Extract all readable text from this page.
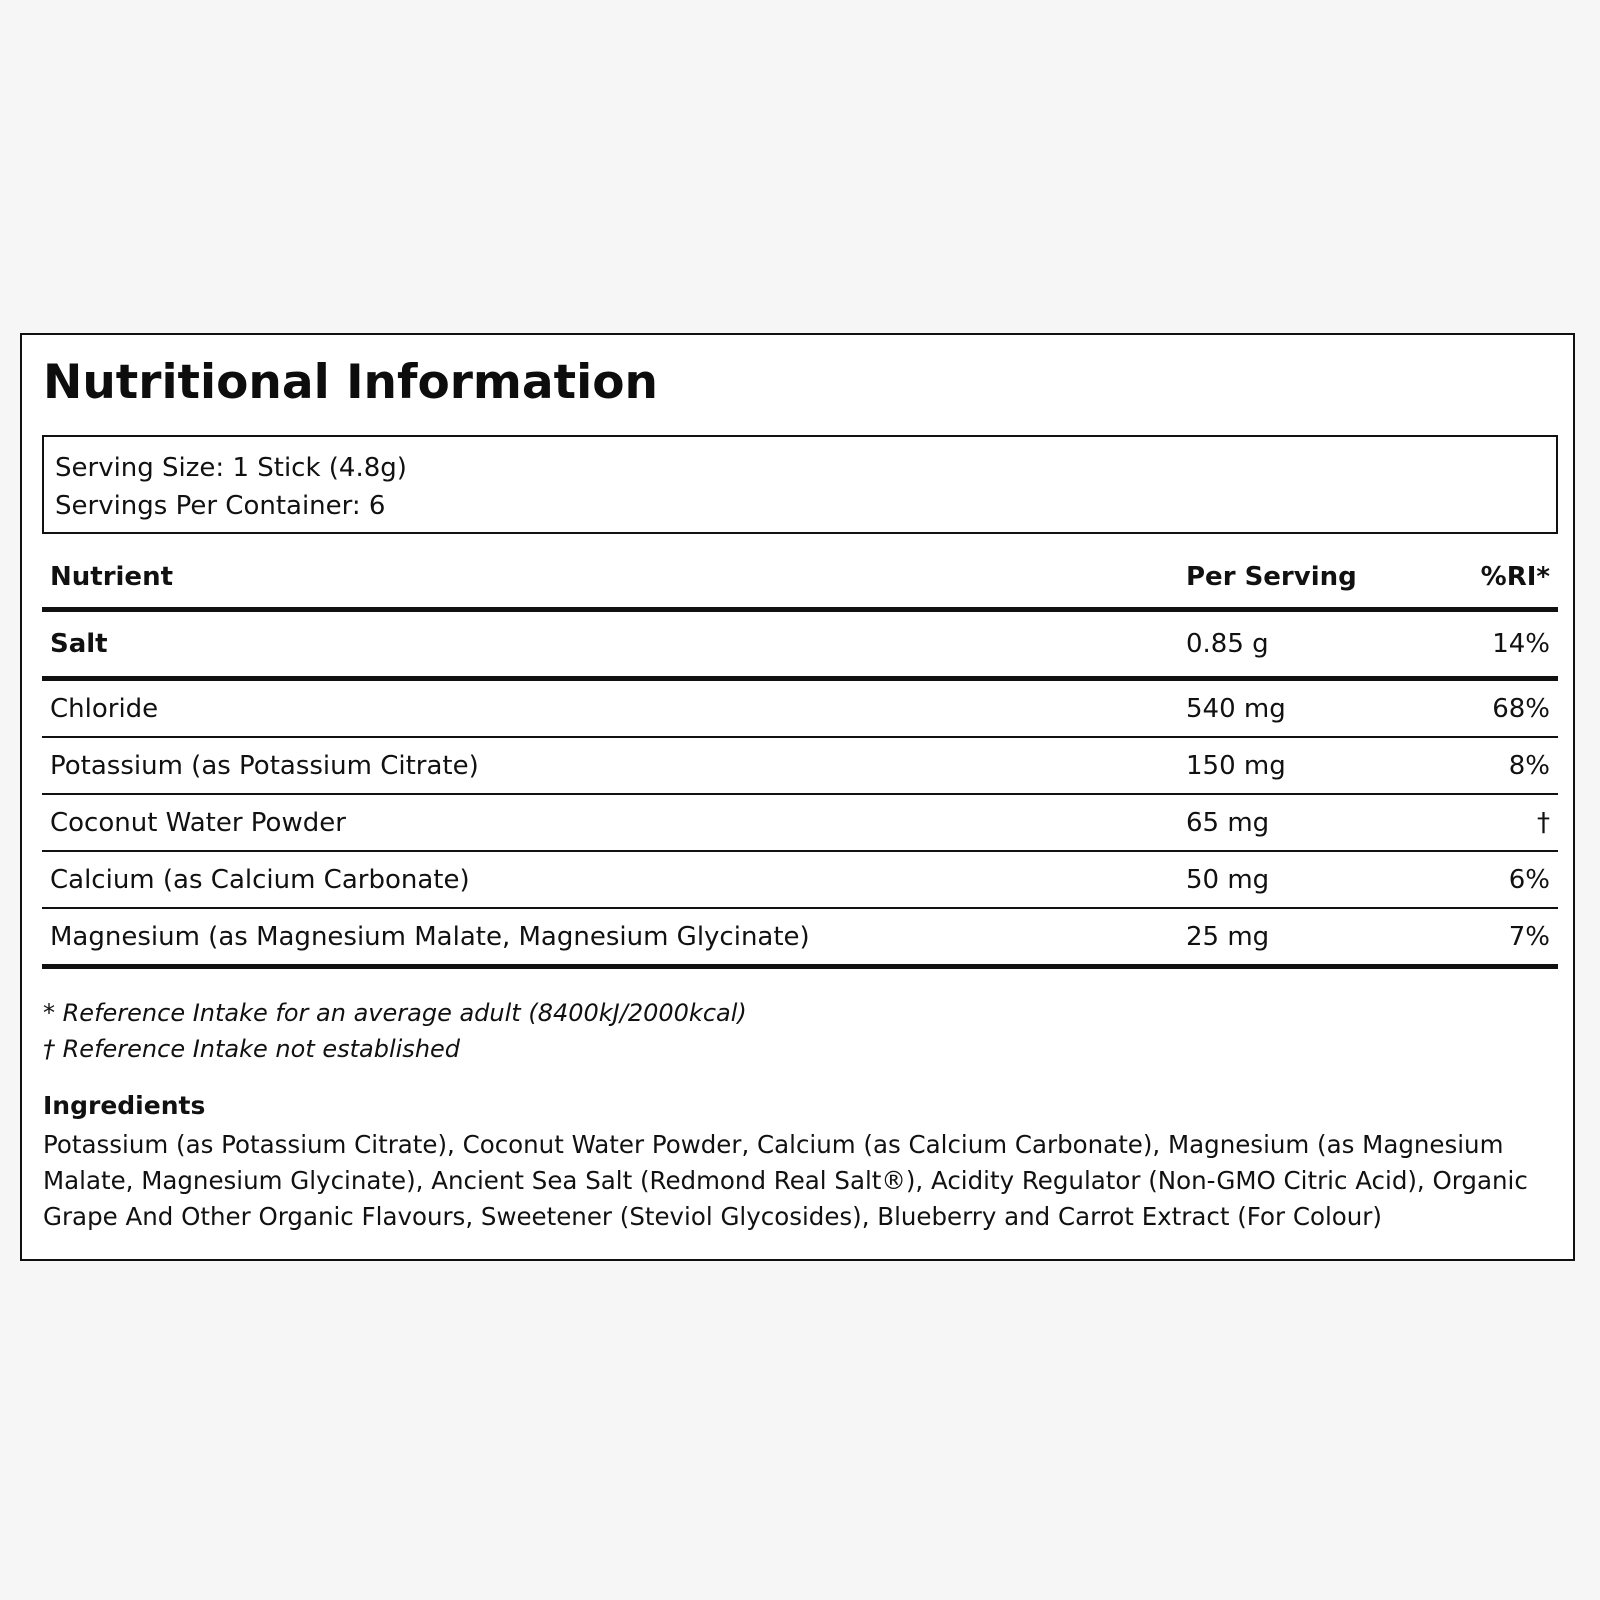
Nutritional Information
Serving Size: 1 Stick (4.8g)
Servings Per Container: 6
Nutrient	Per Serving	%RI*
Salt	0.85 g	14%
Chloride	540 mg	68%
Potassium (as Potassium Citrate)	150 mg	8%
Coconut Water Powder	65 mg	†
Calcium (as Calcium Carbonate)	50 mg	6%
Magnesium (as Magnesium Malate, Magnesium Glycinate)	25 mg	7%
* Reference Intake for an average adult (8400kJ/2000kcal)
† Reference Intake not established
Ingredients
Potassium (as Potassium Citrate), Coconut Water Powder, Calcium (as Calcium Carbonate), Magnesium (as Magnesium Malate, Magnesium Glycinate), Ancient Sea Salt (Redmond Real Salt®), Acidity Regulator (Non-GMO Citric Acid), Organic Grape And Other Organic Flavours, Sweetener (Steviol Glycosides), Blueberry and Carrot Extract (For Colour)
